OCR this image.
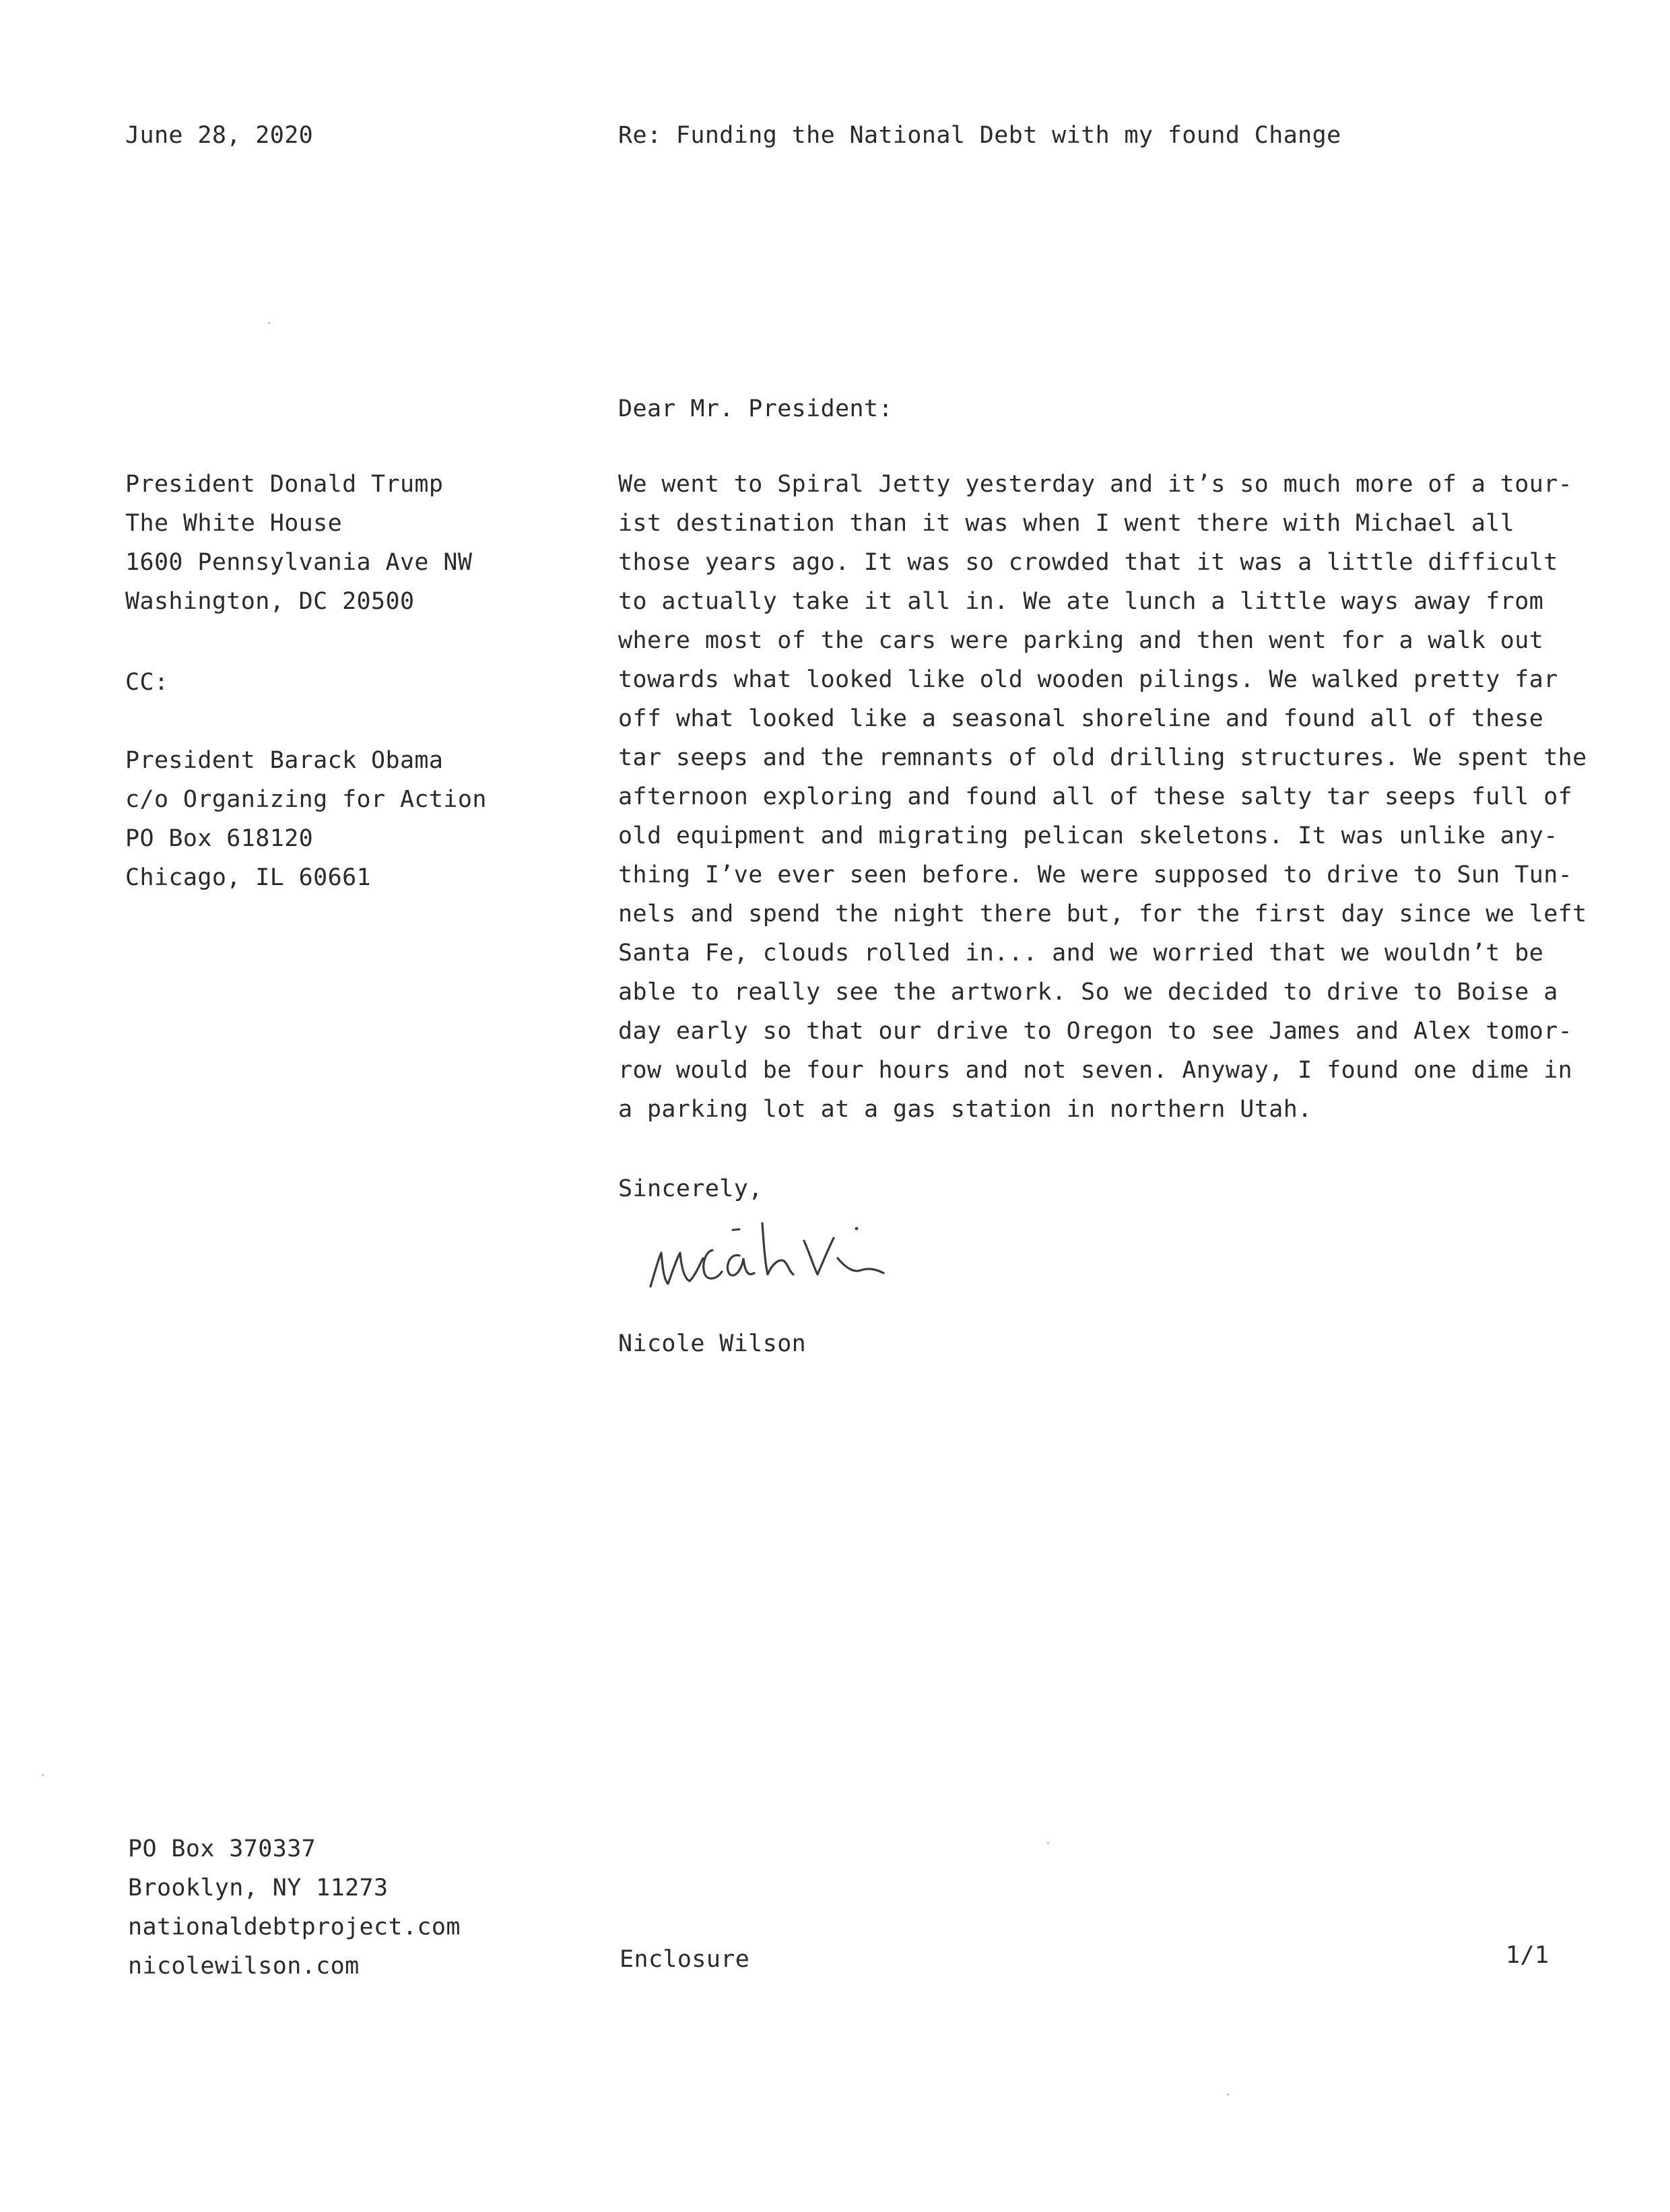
June 28, 2020	Re: Funding the National Debt with my found Change
Dear Mr. President:
President Donald Trump
The White House
1600 Pennsylvania Ave NW
Washington, DC 20500
CC:
President Barack Obama
c/o Organizing for Action
PO Box 618120
Chicago, IL 60661
We went to Spiral Jetty yesterday and it’s so much more of a tour-
ist destination than it was when I went there with Michael all
those years ago. It was so crowded that it was a little difficult
to actually take it all in. We ate lunch a little ways away from
where most of the cars were parking and then went for a walk out
towards what looked like old wooden pilings. We walked pretty far
off what looked like a seasonal shoreline and found all of these
tar seeps and the remnants of old drilling structures. We spent the
afternoon exploring and found all of these salty tar seeps full of
old equipment and migrating pelican skeletons. It was unlike any-
thing I’ve ever seen before. We were supposed to drive to Sun Tun-
nels and spend the night there but, for the first day since we left
Santa Fe, clouds rolled in... and we worried that we wouldn’t be
able to really see the artwork. So we decided to drive to Boise a
day early so that our drive to Oregon to see James and Alex tomor-
row would be four hours and not seven. Anyway, I found one dime in
a parking lot at a gas station in northern Utah.
Sincerely,
Nicole Wilson
PO Box 370337
Brooklyn, NY 11273
nationaldebtproject.com
nicolewilson.com	Enclosure	1/1
